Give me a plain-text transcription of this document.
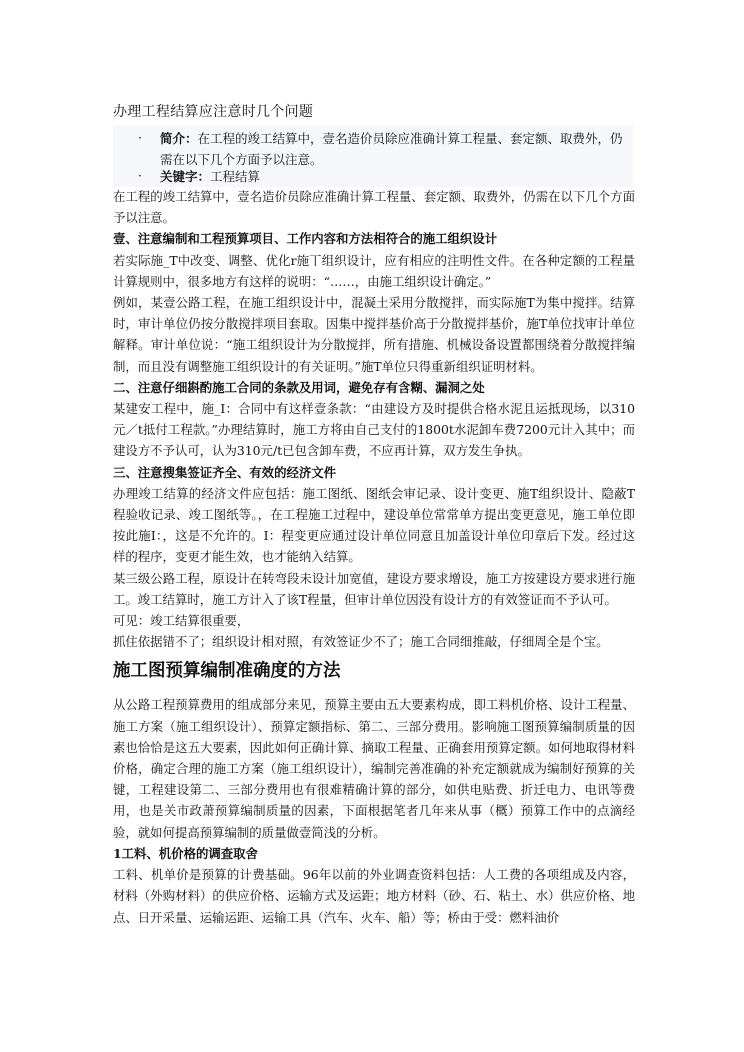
办理工程结算应注意时几个问题
· 简介：在工程的竣工结算中，壹名造价员除应准确计算工程量、套定额、取费外，仍需在以下几个方面予以注意。
· 关键字：工程结算

在工程的竣工结算中，壹名造价员除应准确计算工程量、套定额、取费外，仍需在以下几个方面予以注意。

壹、注意编制和工程预算项目、工作内容和方法相符合的施工组织设计

若实际施_T中改变、调整、优化r施丅组织设计，应有相应的注明性文件。在各种定额的工程量计算规则中，很多地方有这样的说明：“……，由施工组织设计确定。”

例如，某壹公路工程，在施工组织设计中，混凝土采用分散搅拌，而实际施T为集中搅拌。结算时，审计单位仍按分散搅拌项目套取。因集中搅拌基价高于分散搅拌基价，施T单位找审计单位解释。审计单位说：“施工组织设计为分散搅拌，所有措施、机械设备设置都围绕着分散搅拌编制，而且没有调整施工组织设计的有关证明。”施T单位只得重新组织证明材料。

二、注意仔细斟酌施工合同的条款及用词，避免存有含糊、漏洞之处

某建安工程中，施_I：合同中有这样壹条款：“由建设方及时提供合格水泥且运抵现场，以310元／t抵付工程款。”办理结算时，施工方将由自己支付的1800t水泥卸车费7200元计入其中；而建设方不予认可，认为310元/t已包含卸车费，不应再计算，双方发生争执。

三、注意搜集签证齐全、有效的经济文件

办理竣工结算的经济文件应包括：施工图纸、图纸会审记录、设计变更、施T组织设计、隐蔽T程验收记录、竣工图纸等。，在工程施工过程中，建设单位常常单方提出变更意见，施工单位即按此施I：，这是不允许的。I：程变更应通过设计单位同意且加盖设计单位印章后下发。经过这样的程序，变更才能生效，也才能纳入结算。

某三级公路工程，原设计在转弯段未设计加宽值，建设方要求增设，施工方按建设方要求进行施工。竣工结算时，施工方计入了该T程量，但审计单位因没有设计方的有效签证而不予认可。

可见：竣工结算很重要，

抓住依据错不了；组织设计相对照，有效签证少不了；施工合同细推敲，仔细周全是个宝。

施工图预算编制准确度的方法

从公路工程预算费用的组成部分来见，预算主要由五大要素构成，即工料机价格、设计工程量、施工方案（施工组织设计）、预算定额指标、第二、三部分费用。影响施工图预算编制质量的因素也恰恰是这五大要素，因此如何正确计算、摘取工程量、正确套用预算定额。如何地取得材料价格，确定合理的施工方案（施工组织设计），编制完善准确的补充定额就成为编制好预算的关键，工程建设第二、三部分费用也有很难精确计算的部分，如供电贴费、折迁电力、电讯等费用，也是关市政萧预算编制质量的因素，下面根据笔者几年来从事（概）预算工作中的点滴经验，就如何提高预算编制的质量做壹简浅的分析。

1工料、机价格的调查取舍

工料、机单价是预算的计费基础。96年以前的外业调查资料包括：人工费的各项组成及内容，材料（外购材料）的供应价格、运输方式及运距；地方材料（砂、石、粘土、水）供应价格、地点、日开采量、运输运距、运输工具（汽车、火车、船）等；桥由于受：燃料油价
